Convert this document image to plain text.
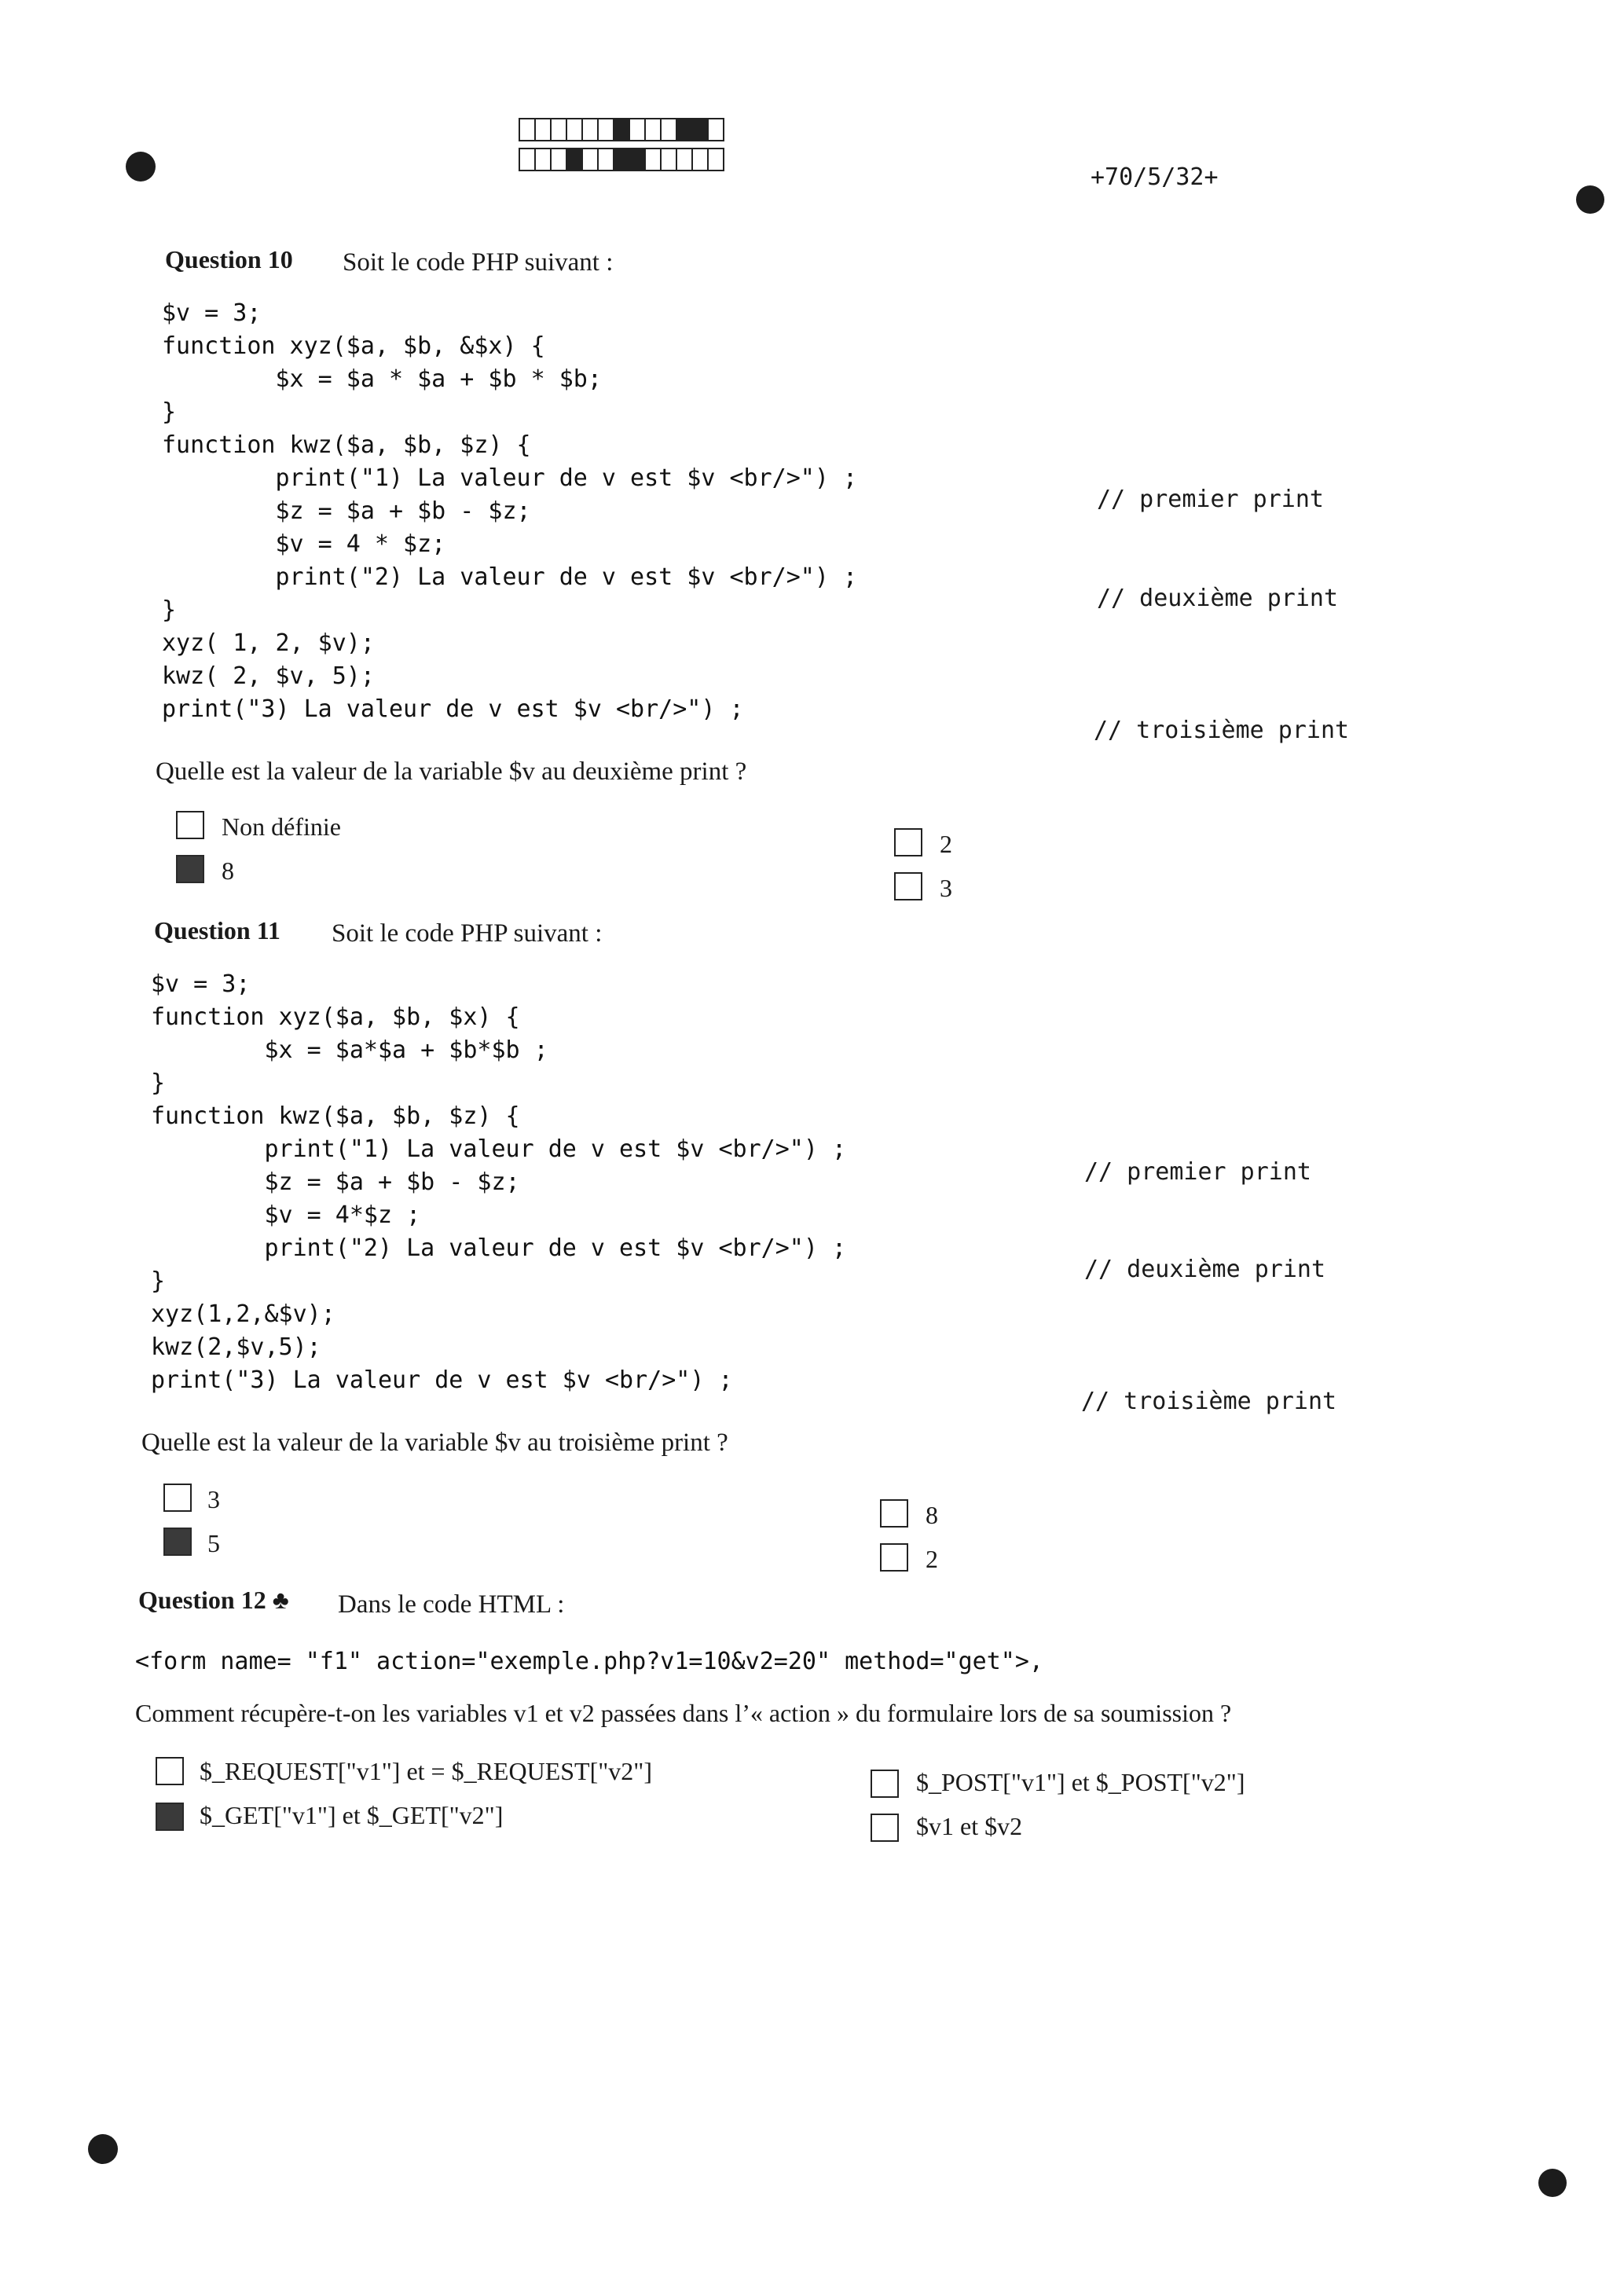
+70/5/32+
Question 10 Soit le code PHP suivant :
$v = 3;
function xyz($a, $b, &$x) {
$x = $a * $a + $b * $b;
}
function kwz($a, $b, $z) {
print("1) La valeur de v est $v <br/>") ;
$z = $a + $b - $z;
$v = 4 * $z;
print("2) La valeur de v est $v <br/>") ;
}
xyz( 1, 2, $v);
kwz( 2, $v, 5);
print("3) La valeur de v est $v <br/>") ;
// premier print
// deuxième print
// troisième print
Quelle est la valeur de la variable $v au deuxième print ?
Non définie
8
2
3
Question 11 Soit le code PHP suivant :
$v = 3;
function xyz($a, $b, $x) {
$x = $a*$a + $b*$b ;
}
function kwz($a, $b, $z) {
print("1) La valeur de v est $v <br/>") ;
$z = $a + $b - $z;
$v = 4*$z ;
print("2) La valeur de v est $v <br/>") ;
}
xyz(1,2,&$v);
kwz(2,$v,5);
print("3) La valeur de v est $v <br/>") ;
// premier print
// deuxième print
// troisième print
Quelle est la valeur de la variable $v au troisième print ?
3
5
8
2
Question 12 ♣ Dans le code HTML :
<form name= "f1" action="exemple.php?v1=10&v2=20" method="get">,
Comment récupère-t-on les variables v1 et v2 passées dans l’« action » du formulaire lors de sa soumission ?
$_REQUEST["v1"] et = $_REQUEST["v2"]
$_GET["v1"] et $_GET["v2"]
$_POST["v1"] et $_POST["v2"]
$v1 et $v2
